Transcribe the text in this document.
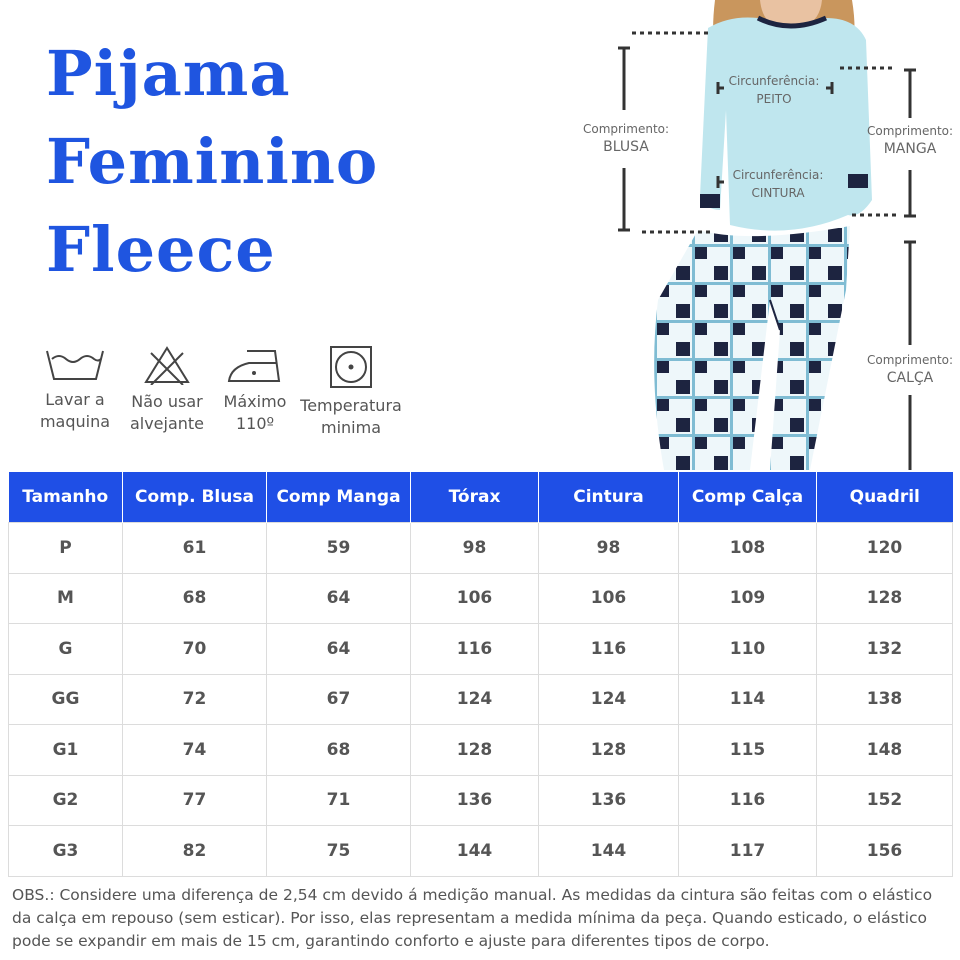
Pijama
Feminino
Fleece
Lavar a
maquina
Não usar
alvejante
Máximo
110º
Temperatura
minima
Comprimento:
BLUSA
Circunferência:
PEITO
Circunferência:
CINTURA
Comprimento:
MANGA
Comprimento:
CALÇA
Tamanho	Comp. Blusa	Comp Manga	Tórax	Cintura	Comp Calça	Quadril
P	61	59	98	98	108	120
M	68	64	106	106	109	128
G	70	64	116	116	110	132
GG	72	67	124	124	114	138
G1	74	68	128	128	115	148
G2	77	71	136	136	116	152
G3	82	75	144	144	117	156
OBS.: Considere uma diferença de 2,54 cm devido á medição manual. As medidas da cintura são feitas com o elástico da calça em repouso (sem esticar). Por isso, elas representam a medida mínima da peça. Quando esticado, o elástico pode se expandir em mais de 15 cm, garantindo conforto e ajuste para diferentes tipos de corpo.
